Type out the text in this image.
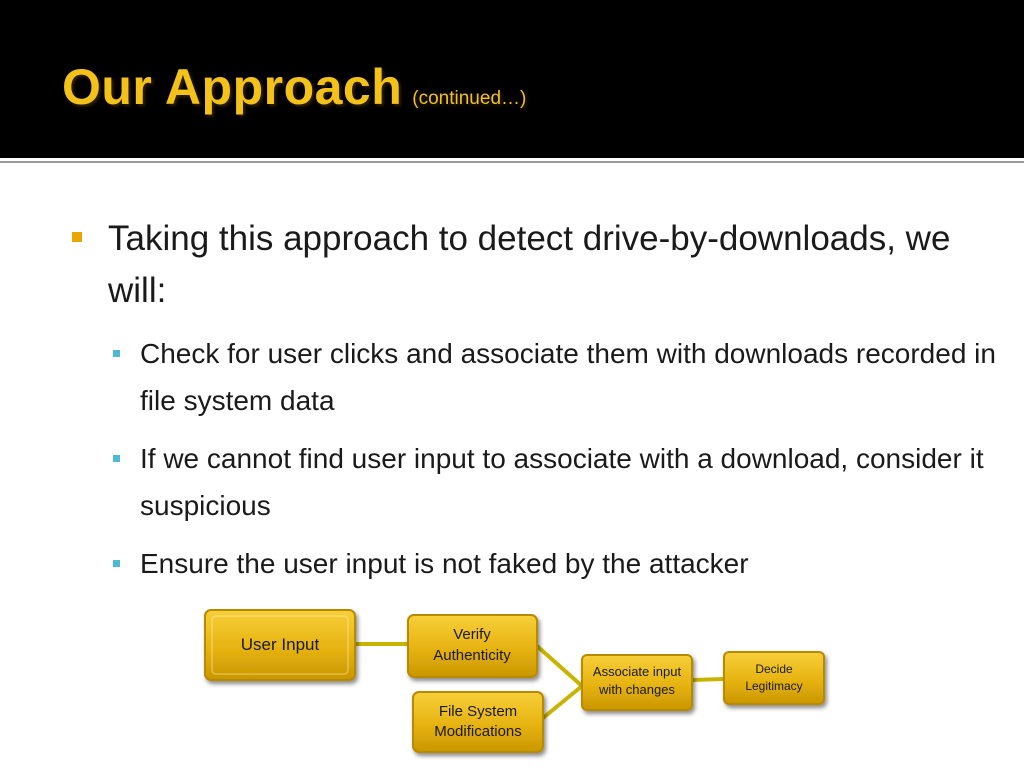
Our Approach (continued…)
Taking this approach to detect drive-by-downloads, we will:
Check for user clicks and associate them with downloads recorded in file system data
If we cannot find user input to associate with a download, consider it suspicious
Ensure the user input is not faked by the attacker
User Input
Verify
Authenticity
File System
Modifications
Associate input
with changes
Decide
Legitimacy
